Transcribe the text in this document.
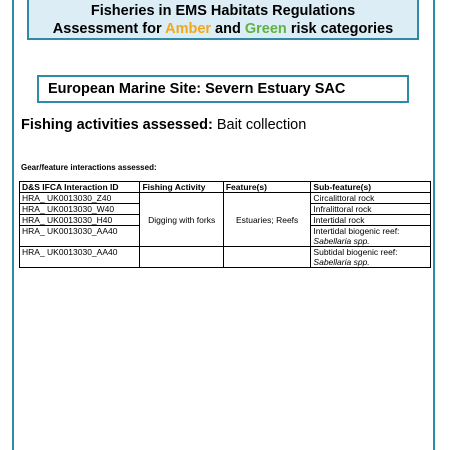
Fisheries in EMS Habitats Regulations
Assessment for Amber and Green risk categories
European Marine Site: Severn Estuary SAC
Fishing activities assessed: Bait collection
Gear/feature interactions assessed:
D&S IFCA Interaction ID	Fishing Activity	Feature(s)	Sub-feature(s)
HRA_ UK0013030_Z40	Digging with forks	Estuaries; Reefs	Circalittoral rock
HRA_ UK0013030_W40			Infralittoral rock
HRA_ UK0013030_H40			Intertidal rock
HRA_ UK0013030_AA40			Intertidal biogenic reef:
Sabellaria spp.
HRA_ UK0013030_AA40			Subtidal biogenic reef:
Sabellaria spp.
